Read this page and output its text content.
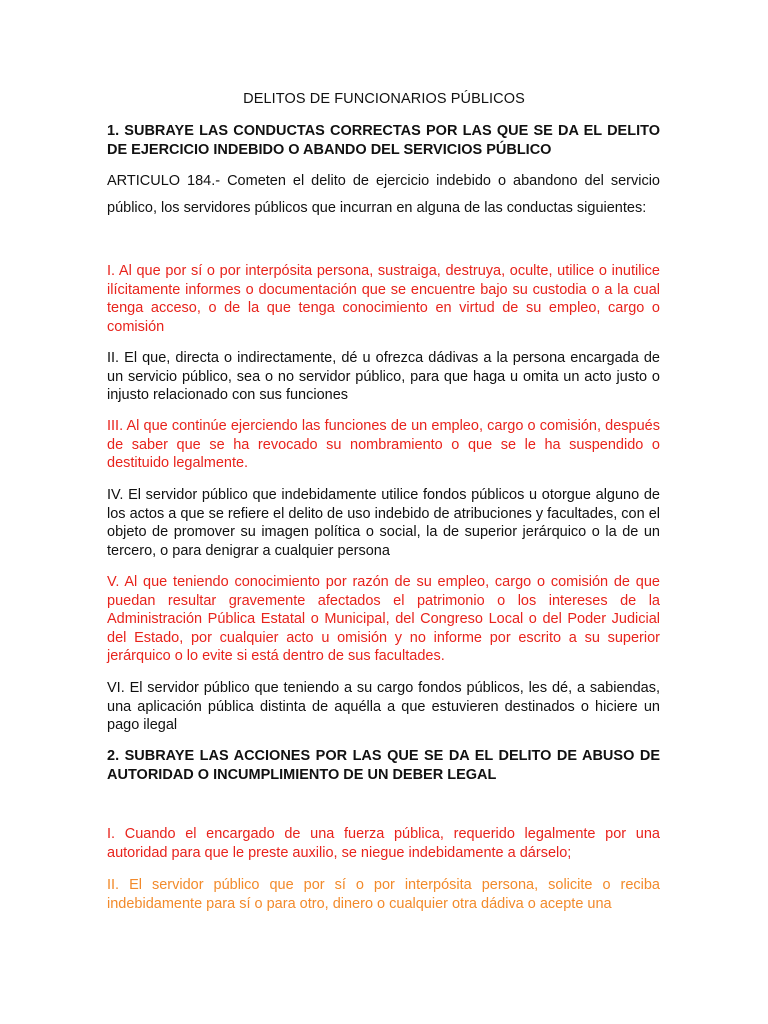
DELITOS DE FUNCIONARIOS PÚBLICOS
1. SUBRAYE LAS CONDUCTAS CORRECTAS POR LAS QUE SE DA EL DELITO DE EJERCICIO INDEBIDO O ABANDO DEL SERVICIOS PÚBLICO
ARTICULO 184.- Cometen el delito de ejercicio indebido o abandono del servicio público, los servidores públicos que incurran en alguna de las conductas siguientes:
I. Al que por sí o por interpósita persona, sustraiga, destruya, oculte, utilice o inutilice ilícitamente informes o documentación que se encuentre bajo su custodia o a la cual tenga acceso, o de la que tenga conocimiento en virtud de su empleo, cargo o comisión
II. El que, directa o indirectamente, dé u ofrezca dádivas a la persona encargada de un servicio público, sea o no servidor público, para que haga u omita un acto justo o injusto relacionado con sus funciones
III. Al que continúe ejerciendo las funciones de un empleo, cargo o comisión, después de saber que se ha revocado su nombramiento o que se le ha suspendido o destituido legalmente.
IV. El servidor público que indebidamente utilice fondos públicos u otorgue alguno de los actos a que se refiere el delito de uso indebido de atribuciones y facultades, con el objeto de promover su imagen política o social, la de superior jerárquico o la de un tercero, o para denigrar a cualquier persona
V. Al que teniendo conocimiento por razón de su empleo, cargo o comisión de que puedan resultar gravemente afectados el patrimonio o los intereses de la Administración Pública Estatal o Municipal, del Congreso Local o del Poder Judicial del Estado, por cualquier acto u omisión y no informe por escrito a su superior jerárquico o lo evite si está dentro de sus facultades.
VI. El servidor público que teniendo a su cargo fondos públicos, les dé, a sabiendas, una aplicación pública distinta de aquélla a que estuvieren destinados o hiciere un pago ilegal
2. SUBRAYE LAS ACCIONES POR LAS QUE SE DA EL DELITO DE ABUSO DE AUTORIDAD O INCUMPLIMIENTO DE UN DEBER LEGAL
I. Cuando el encargado de una fuerza pública, requerido legalmente por una autoridad para que le preste auxilio, se niegue indebidamente a dárselo;
II. El servidor público que por sí o por interpósita persona, solicite o reciba indebidamente para sí o para otro, dinero o cualquier otra dádiva o acepte una
